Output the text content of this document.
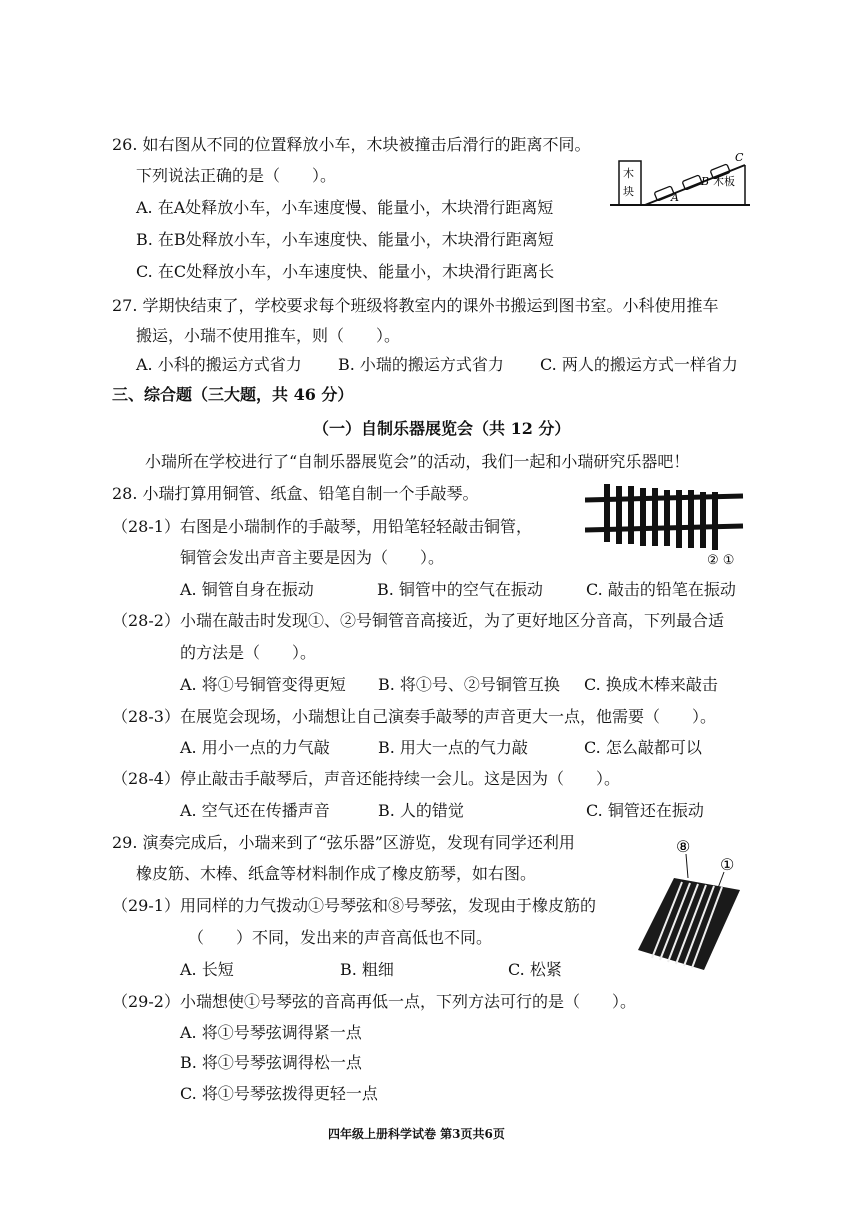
26. 如右图从不同的位置释放小车，木块被撞击后滑行的距离不同。
下列说法正确的是（　　）。
A. 在A处释放小车，小车速度慢、能量小，木块滑行距离短
B. 在B处释放小车，小车速度快、能量小，木块滑行距离短
C. 在C处释放小车，小车速度快、能量小，木块滑行距离长
木
块
C
B
A
木板
27. 学期快结束了，学校要求每个班级将教室内的课外书搬运到图书室。小科使用推车
搬运，小瑞不使用推车，则（　　）。
A. 小科的搬运方式省力 B. 小瑞的搬运方式省力 C. 两人的搬运方式一样省力
三、综合题（三大题，共 46 分）
（一）自制乐器展览会（共 12 分）
小瑞所在学校进行了“自制乐器展览会”的活动，我们一起和小瑞研究乐器吧！
28. 小瑞打算用铜管、纸盒、铅笔自制一个手敲琴。
② ①
（28-1）右图是小瑞制作的手敲琴，用铅笔轻轻敲击铜管，
铜管会发出声音主要是因为（　　）。
A. 铜管自身在振动	B. 铜管中的空气在振动	C. 敲击的铅笔在振动
（28-2）小瑞在敲击时发现①、②号铜管音高接近，为了更好地区分音高，下列最合适
的方法是（　　）。
A. 将①号铜管变得更短 B. 将①号、②号铜管互换 C. 换成木棒来敲击
（28-3）在展览会现场，小瑞想让自己演奏手敲琴的声音更大一点，他需要（　　）。
A. 用小一点的力气敲	B. 用大一点的气力敲	C. 怎么敲都可以
（28-4）停止敲击手敲琴后，声音还能持续一会儿。这是因为（　　）。
A. 空气还在传播声音	B. 人的错觉	C. 铜管还在振动
29. 演奏完成后，小瑞来到了“弦乐器”区游览，发现有同学还利用
橡皮筋、木棒、纸盒等材料制作成了橡皮筋琴，如右图。
⑧
①
（29-1）用同样的力气拨动①号琴弦和⑧号琴弦，发现由于橡皮筋的
（　　）不同，发出来的声音高低也不同。
A. 长短	B. 粗细	C. 松紧
（29-2）小瑞想使①号琴弦的音高再低一点，下列方法可行的是（　　）。
A. 将①号琴弦调得紧一点
B. 将①号琴弦调得松一点
C. 将①号琴弦拨得更轻一点
四年级上册科学试卷 第3页共6页
